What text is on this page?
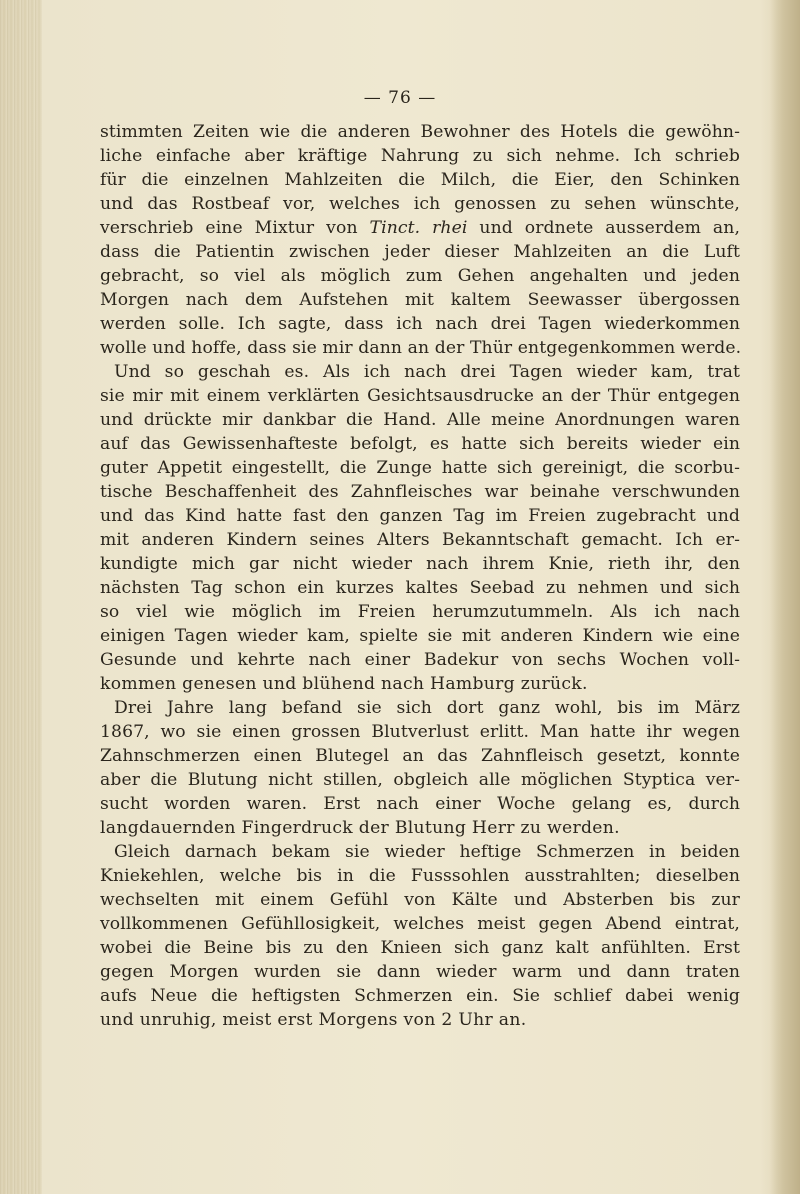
— 76 —
stimmten Zeiten wie die anderen Bewohner des Hotels die gewöhn-
liche einfache aber kräftige Nahrung zu sich nehme. Ich schrieb
für die einzelnen Mahlzeiten die Milch, die Eier, den Schinken
und das Rostbeaf vor, welches ich genossen zu sehen wünschte,
verschrieb eine Mixtur von Tinct. rhei und ordnete ausserdem an,
dass die Patientin zwischen jeder dieser Mahlzeiten an die Luft
gebracht, so viel als möglich zum Gehen angehalten und jeden
Morgen nach dem Aufstehen mit kaltem Seewasser übergossen
werden solle. Ich sagte, dass ich nach drei Tagen wiederkommen
wolle und hoffe, dass sie mir dann an der Thür entgegenkommen werde.
Und so geschah es. Als ich nach drei Tagen wieder kam, trat
sie mir mit einem verklärten Gesichtsausdrucke an der Thür entgegen
und drückte mir dankbar die Hand. Alle meine Anordnungen waren
auf das Gewissenhafteste befolgt, es hatte sich bereits wieder ein
guter Appetit eingestellt, die Zunge hatte sich gereinigt, die scorbu-
tische Beschaffenheit des Zahnfleisches war beinahe verschwunden
und das Kind hatte fast den ganzen Tag im Freien zugebracht und
mit anderen Kindern seines Alters Bekanntschaft gemacht. Ich er-
kundigte mich gar nicht wieder nach ihrem Knie, rieth ihr, den
nächsten Tag schon ein kurzes kaltes Seebad zu nehmen und sich
so viel wie möglich im Freien herumzutummeln. Als ich nach
einigen Tagen wieder kam, spielte sie mit anderen Kindern wie eine
Gesunde und kehrte nach einer Badekur von sechs Wochen voll-
kommen genesen und blühend nach Hamburg zurück.
Drei Jahre lang befand sie sich dort ganz wohl, bis im März
1867, wo sie einen grossen Blutverlust erlitt. Man hatte ihr wegen
Zahnschmerzen einen Blutegel an das Zahnfleisch gesetzt, konnte
aber die Blutung nicht stillen, obgleich alle möglichen Styptica ver-
sucht worden waren. Erst nach einer Woche gelang es, durch
langdauernden Fingerdruck der Blutung Herr zu werden.
Gleich darnach bekam sie wieder heftige Schmerzen in beiden
Kniekehlen, welche bis in die Fusssohlen ausstrahlten; dieselben
wechselten mit einem Gefühl von Kälte und Absterben bis zur
vollkommenen Gefühllosigkeit, welches meist gegen Abend eintrat,
wobei die Beine bis zu den Knieen sich ganz kalt anfühlten. Erst
gegen Morgen wurden sie dann wieder warm und dann traten
aufs Neue die heftigsten Schmerzen ein. Sie schlief dabei wenig
und unruhig, meist erst Morgens von 2 Uhr an.
